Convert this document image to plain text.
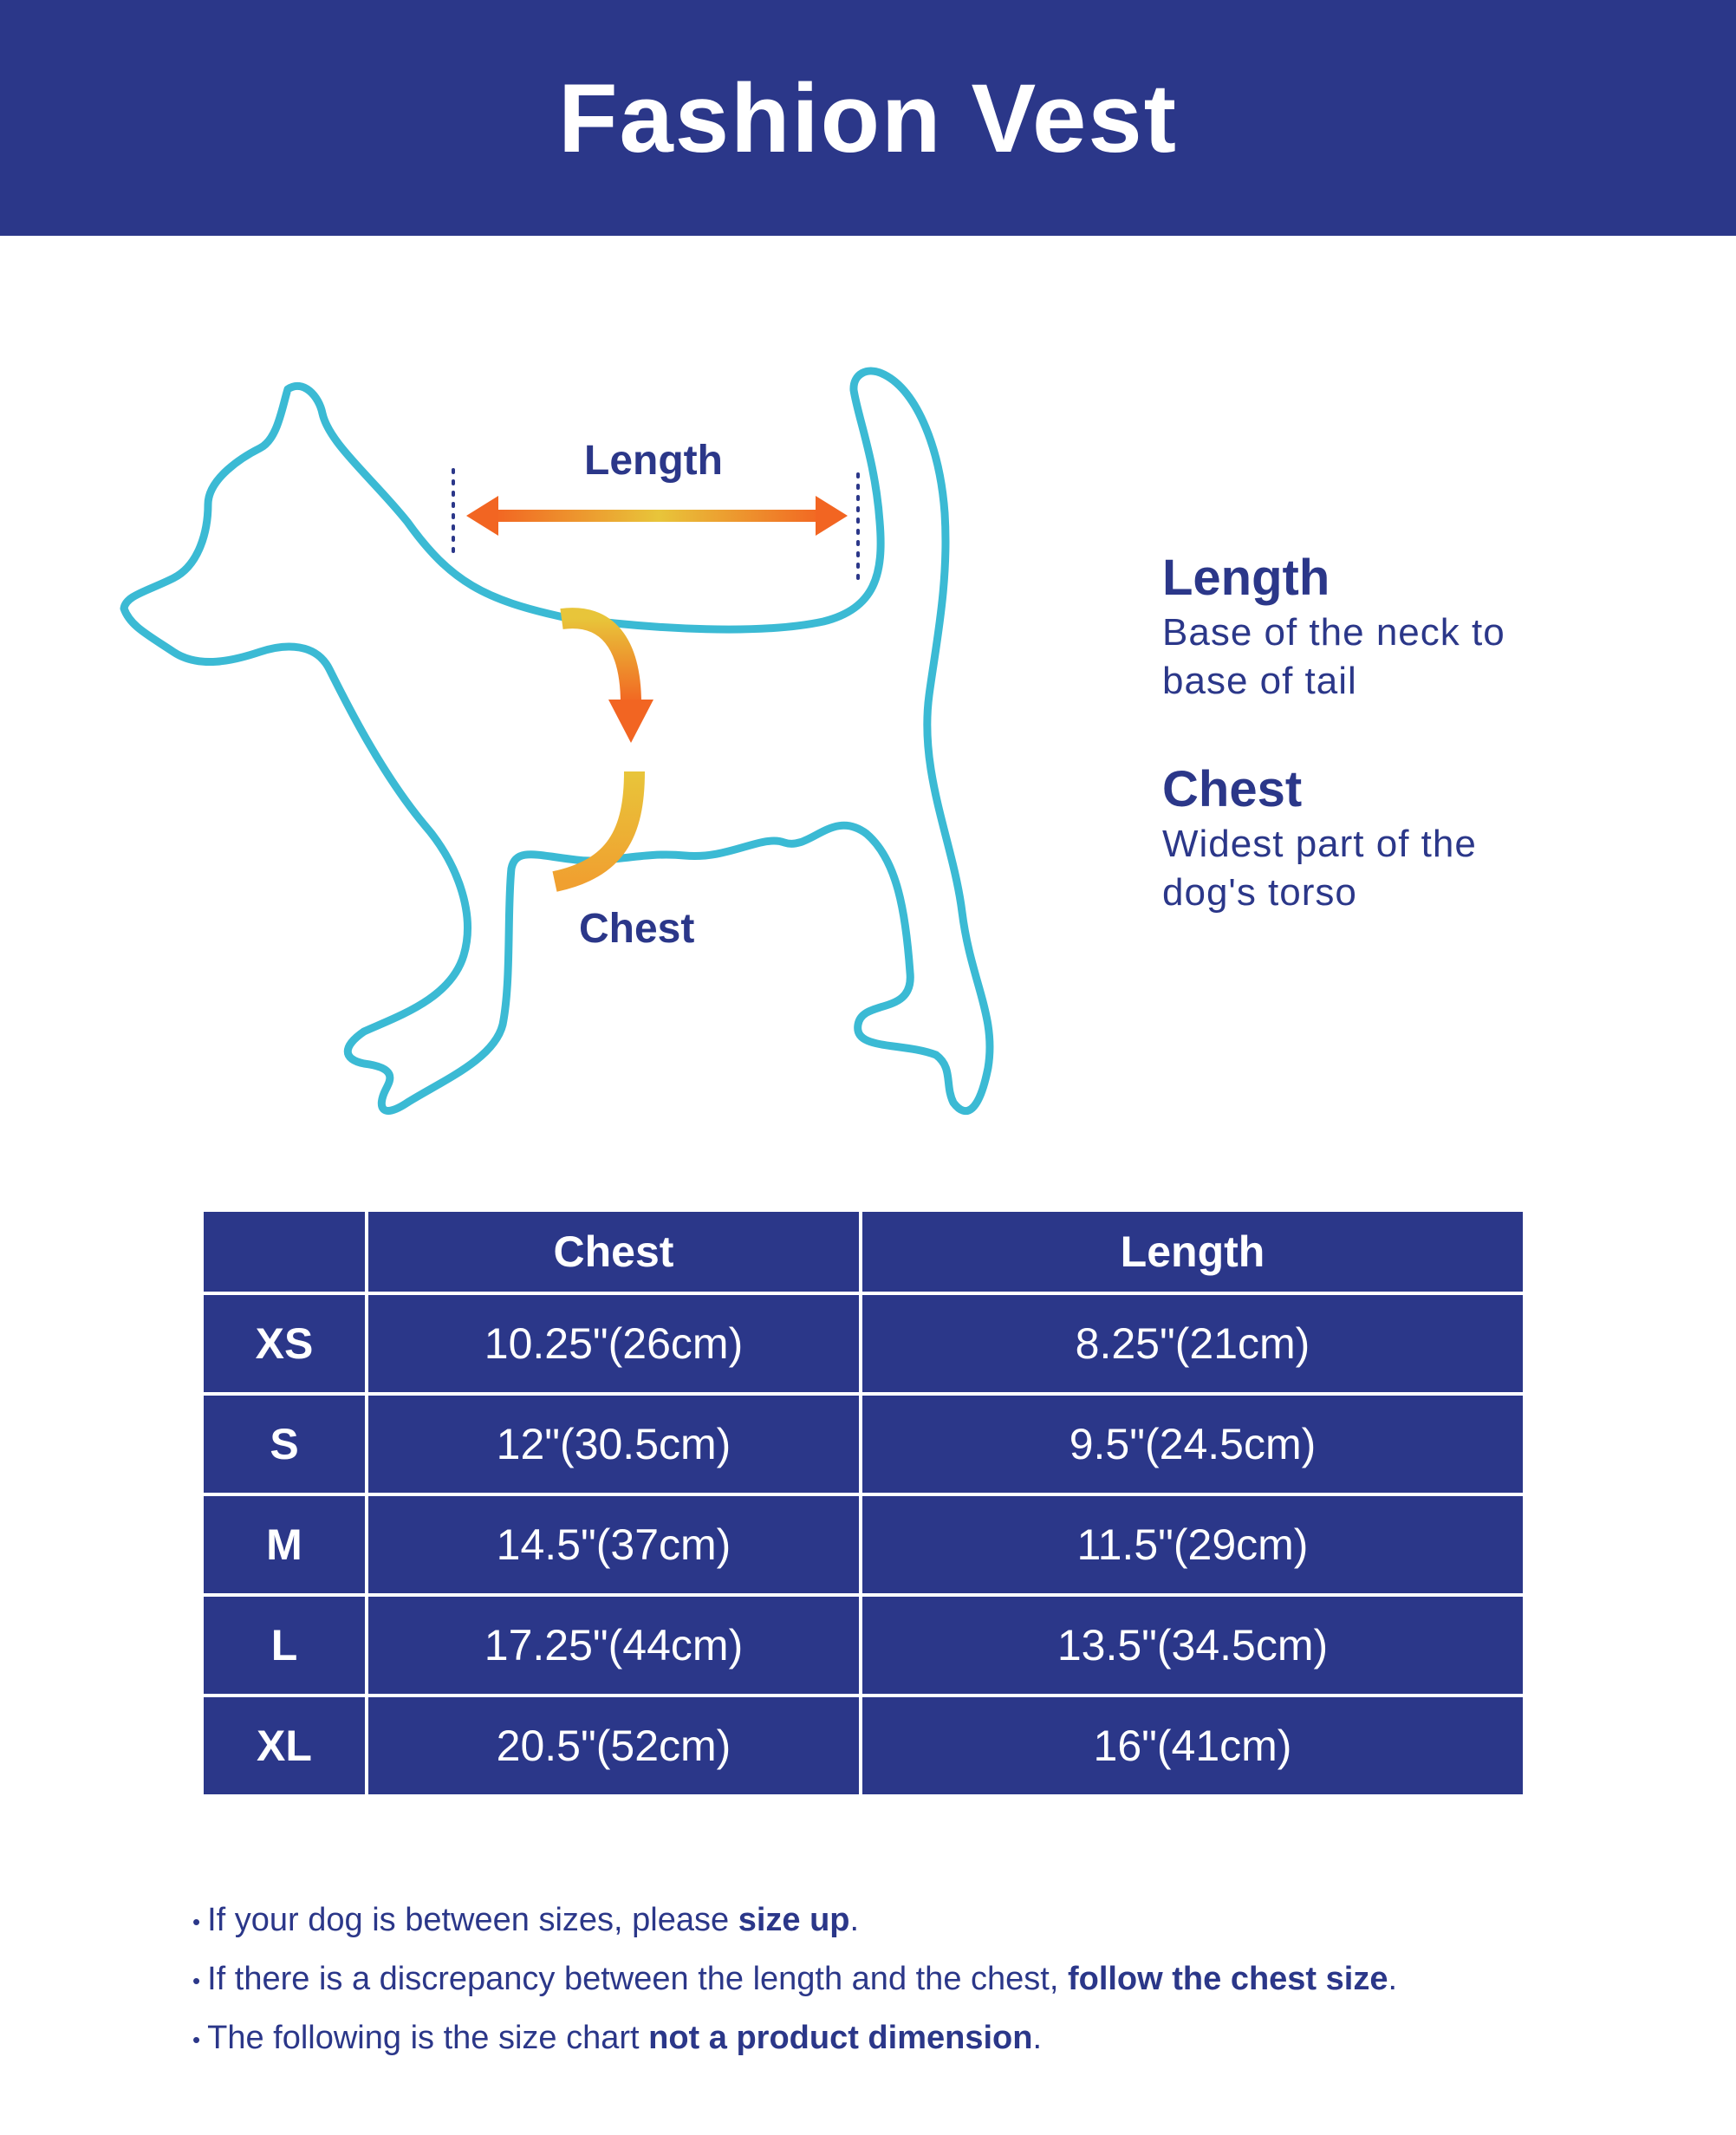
Fashion Vest
Length
Chest
Length

Base of the neck to

base of tail

Chest

Widest part of the

dog's torso

	Chest	Length
XS	10.25"(26cm)	8.25"(21cm)
S	12"(30.5cm)	9.5"(24.5cm)
M	14.5"(37cm)	11.5"(29cm)
L	17.25"(44cm)	13.5"(34.5cm)
XL	20.5"(52cm)	16"(41cm)
• If your dog is between sizes, please size up.
• If there is a discrepancy between the length and the chest, follow the chest size.
• The following is the size chart not a product dimension.
